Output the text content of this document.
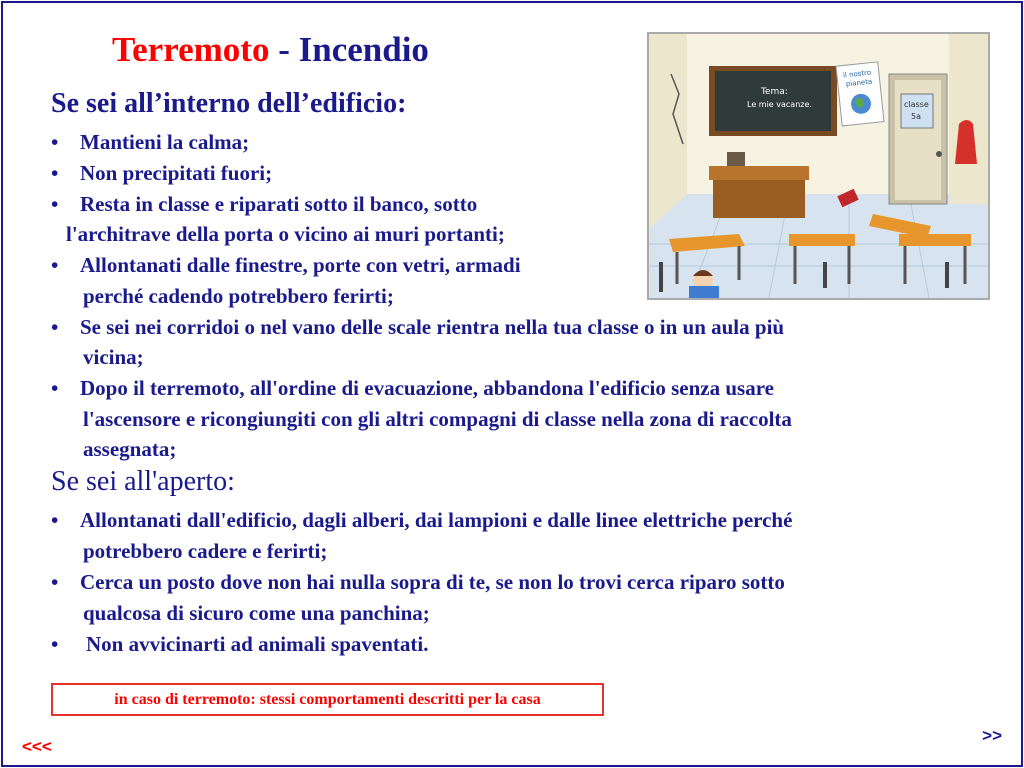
Terremoto - Incendio
Se sei all’interno dell’edificio:
• Mantieni la calma;
• Non precipitati fuori;
• Resta in classe e riparati sotto il banco, sotto
l'architrave della porta o vicino ai muri portanti;
• Allontanati dalle finestre, porte con vetri, armadi
perché cadendo potrebbero ferirti;
• Se sei nei corridoi o nel vano delle scale rientra nella tua classe o in un aula più
vicina;
• Dopo il terremoto, all'ordine di evacuazione, abbandona l'edificio senza usare
l'ascensore e ricongiungiti con gli altri compagni di classe nella zona di raccolta
assegnata;
Se sei all'aperto:
• Allontanati dall'edificio, dagli alberi, dai lampioni e dalle linee elettriche perché
potrebbero cadere e ferirti;
• Cerca un posto dove non hai nulla sopra di te, se non lo trovi cerca riparo sotto
qualcosa di sicuro come una panchina;
• Non avvicinarti ad animali spaventati.
Tema:
Le mie vacanze.
il nostro
pianeta
classe
5a
in caso di terremoto: stessi comportamenti descritti per la casa
<<<
>>
